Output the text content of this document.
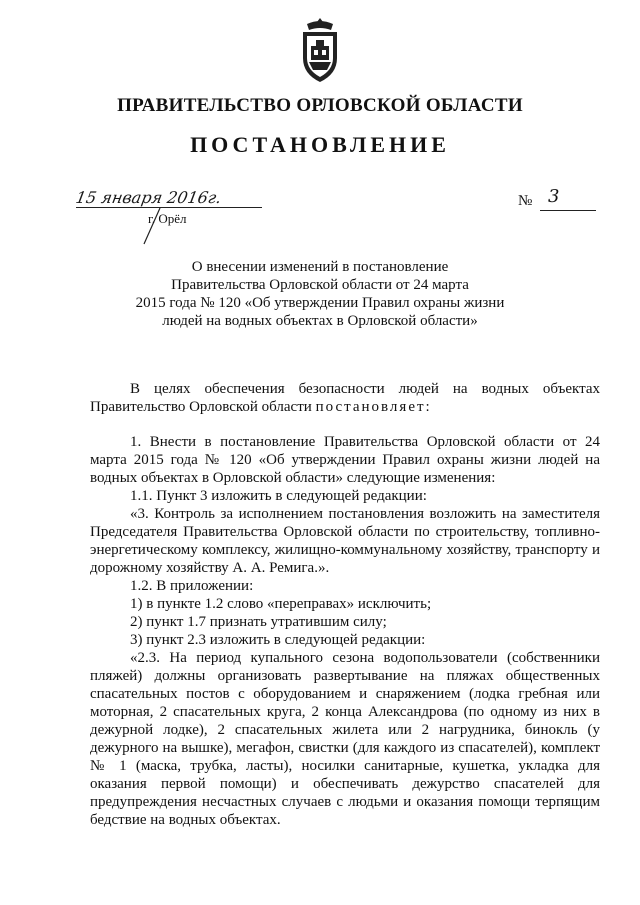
ПРАВИТЕЛЬСТВО ОРЛОВСКОЙ ОБЛАСТИ
ПОСТАНОВЛЕНИЕ
15 января 2016г.
г. Орёл
№ 3
О внесении изменений в постановление
Правительства Орловской области от 24 марта
2015 года № 120 «Об утверждении Правил охраны жизни
людей на водных объектах в Орловской области»

В целях обеспечения безопасности людей на водных объектах Правительство Орловской области постановляет:

1. Внести в постановление Правительства Орловской области от 24 марта 2015 года № 120 «Об утверждении Правил охраны жизни людей на водных объектах в Орловской области» следующие изменения:

1.1. Пункт 3 изложить в следующей редакции:

«3. Контроль за исполнением постановления возложить на заместителя Председателя Правительства Орловской области по строительству, топливно-энергетическому комплексу, жилищно-коммунальному хозяйству, транспорту и дорожному хозяйству А. А. Ремига.».

1.2. В приложении:

1) в пункте 1.2 слово «переправах» исключить;

2) пункт 1.7 признать утратившим силу;

3) пункт 2.3 изложить в следующей редакции:

«2.3. На период купального сезона водопользователи (собственники пляжей) должны организовать развертывание на пляжах общественных спасательных постов с оборудованием и снаряжением (лодка гребная или моторная, 2 спасательных круга, 2 конца Александрова (по одному из них в дежурной лодке), 2 спасательных жилета или 2 нагрудника, бинокль (у дежурного на вышке), мегафон, свистки (для каждого из спасателей), комплект № 1 (маска, трубка, ласты), носилки санитарные, кушетка, укладка для оказания первой помощи) и обеспечивать дежурство спасателей для предупреждения несчастных случаев с людьми и оказания помощи терпящим бедствие на водных объектах.
